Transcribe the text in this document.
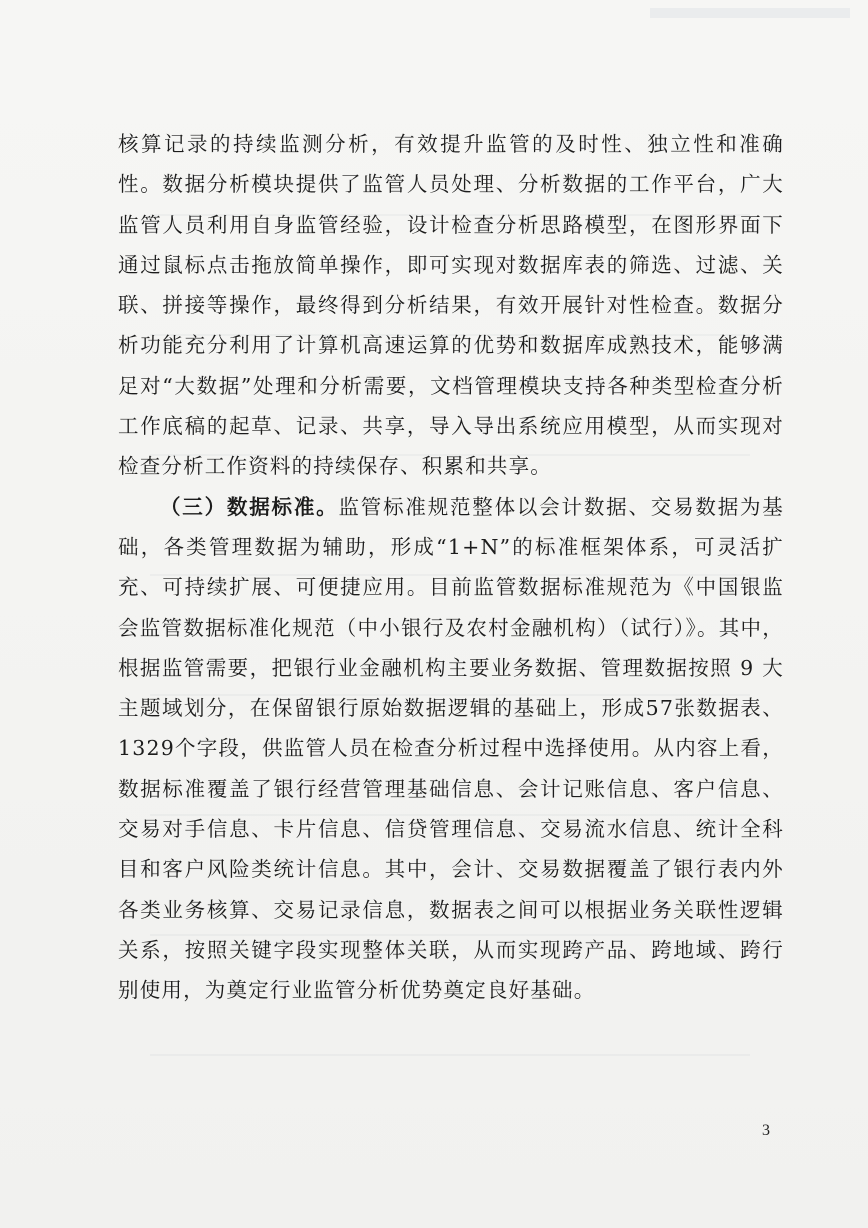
核算记录的持续监测分析，有效提升监管的及时性、独立性和准确性。数据分析模块提供了监管人员处理、分析数据的工作平台，广大监管人员利用自身监管经验，设计检查分析思路模型，在图形界面下通过鼠标点击拖放简单操作，即可实现对数据库表的筛选、过滤、关联、拼接等操作，最终得到分析结果，有效开展针对性检查。数据分析功能充分利用了计算机高速运算的优势和数据库成熟技术，能够满足对“大数据”处理和分析需要，文档管理模块支持各种类型检查分析工作底稿的起草、记录、共享，导入导出系统应用模型，从而实现对检查分析工作资料的持续保存、积累和共享。

（三）数据标准。监管标准规范整体以会计数据、交易数据为基础，各类管理数据为辅助，形成“1+N”的标准框架体系，可灵活扩充、可持续扩展、可便捷应用。目前监管数据标准规范为《中国银监会监管数据标准化规范（中小银行及农村金融机构）（试行）》。其中，根据监管需要，把银行业金融机构主要业务数据、管理数据按照 9 大主题域划分，在保留银行原始数据逻辑的基础上，形成57张数据表、1329个字段，供监管人员在检查分析过程中选择使用。从内容上看，数据标准覆盖了银行经营管理基础信息、会计记账信息、客户信息、交易对手信息、卡片信息、信贷管理信息、交易流水信息、统计全科目和客户风险类统计信息。其中，会计、交易数据覆盖了银行表内外各类业务核算、交易记录信息，数据表之间可以根据业务关联性逻辑关系，按照关键字段实现整体关联，从而实现跨产品、跨地域、跨行别使用，为奠定行业监管分析优势奠定良好基础。

3
